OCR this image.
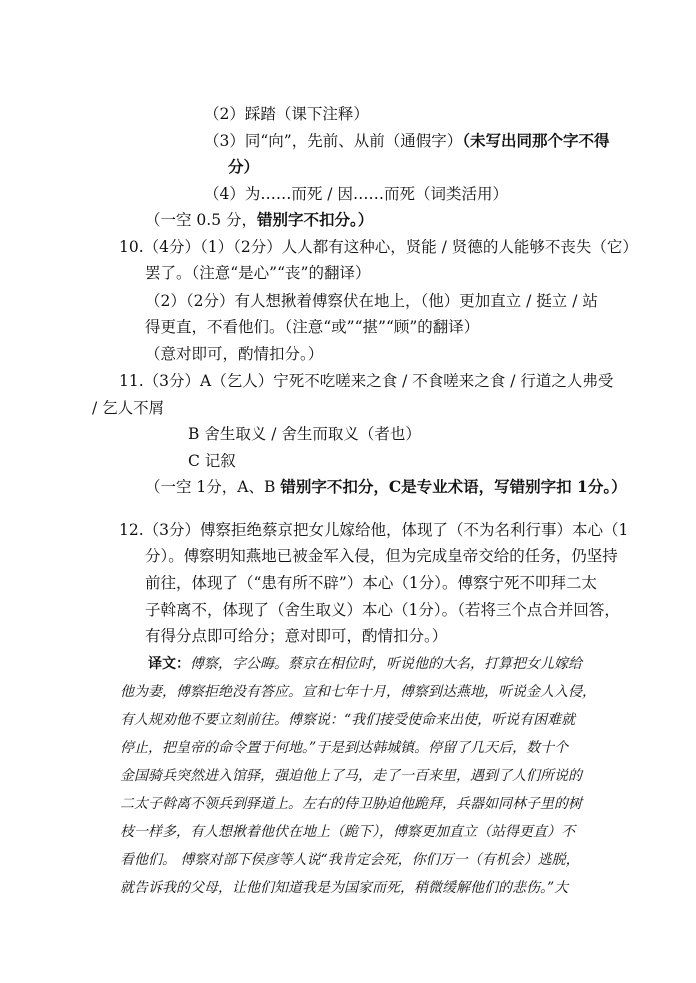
（2）踩踏（课下注释）
（3）同“向”，先前、从前（通假字）（未写出同那个字不得
分）
（4）为……而死 / 因……而死（词类活用）
（一空 0.5 分，错别字不扣分。）
10.（4分）（1）（2分）人人都有这种心，贤能 / 贤德的人能够不丧失（它）
罢了。（注意“是心”“丧”的翻译）
（2）（2分）有人想揪着傅察伏在地上，（他）更加直立 / 挺立 / 站
得更直，不看他们。（注意“或”“揕”“顾”的翻译）
（意对即可，酌情扣分。）
11.（3分）A（乞人）宁死不吃嗟来之食 / 不食嗟来之食 / 行道之人弗受
/ 乞人不屑
B 舍生取义 / 舍生而取义（者也）
C 记叙
（一空 1分，A、B 错别字不扣分，C是专业术语，写错别字扣 1分。）
12.（3分）傅察拒绝蔡京把女儿嫁给他，体现了（不为名利行事）本心（1
分）。傅察明知燕地已被金军入侵，但为完成皇帝交给的任务，仍坚持
前往，体现了（“患有所不辟”）本心（1分）。傅察宁死不叩拜二太
子斡离不，体现了（舍生取义）本心（1分）。（若将三个点合并回答，
有得分点即可给分；意对即可，酌情扣分。）
译文：傅察，字公晦。蔡京在相位时，听说他的大名，打算把女儿嫁给
他为妻，傅察拒绝没有答应。宣和七年十月，傅察到达燕地，听说金人入侵，
有人规劝他不要立刻前往。傅察说：“我们接受使命来出使，听说有困难就
停止，把皇帝的命令置于何地。”于是到达韩城镇。停留了几天后，数十个
金国骑兵突然进入馆驿，强迫他上了马，走了一百来里，遇到了人们所说的
二太子斡离不领兵到驿道上。左右的侍卫胁迫他跪拜，兵器如同林子里的树
枝一样多，有人想揪着他伏在地上（跪下），傅察更加直立（站得更直）不
看他们。 傅察对部下侯彦等人说“我肯定会死，你们万一（有机会）逃脱，
就告诉我的父母，让他们知道我是为国家而死，稍微缓解他们的悲伤。”大
